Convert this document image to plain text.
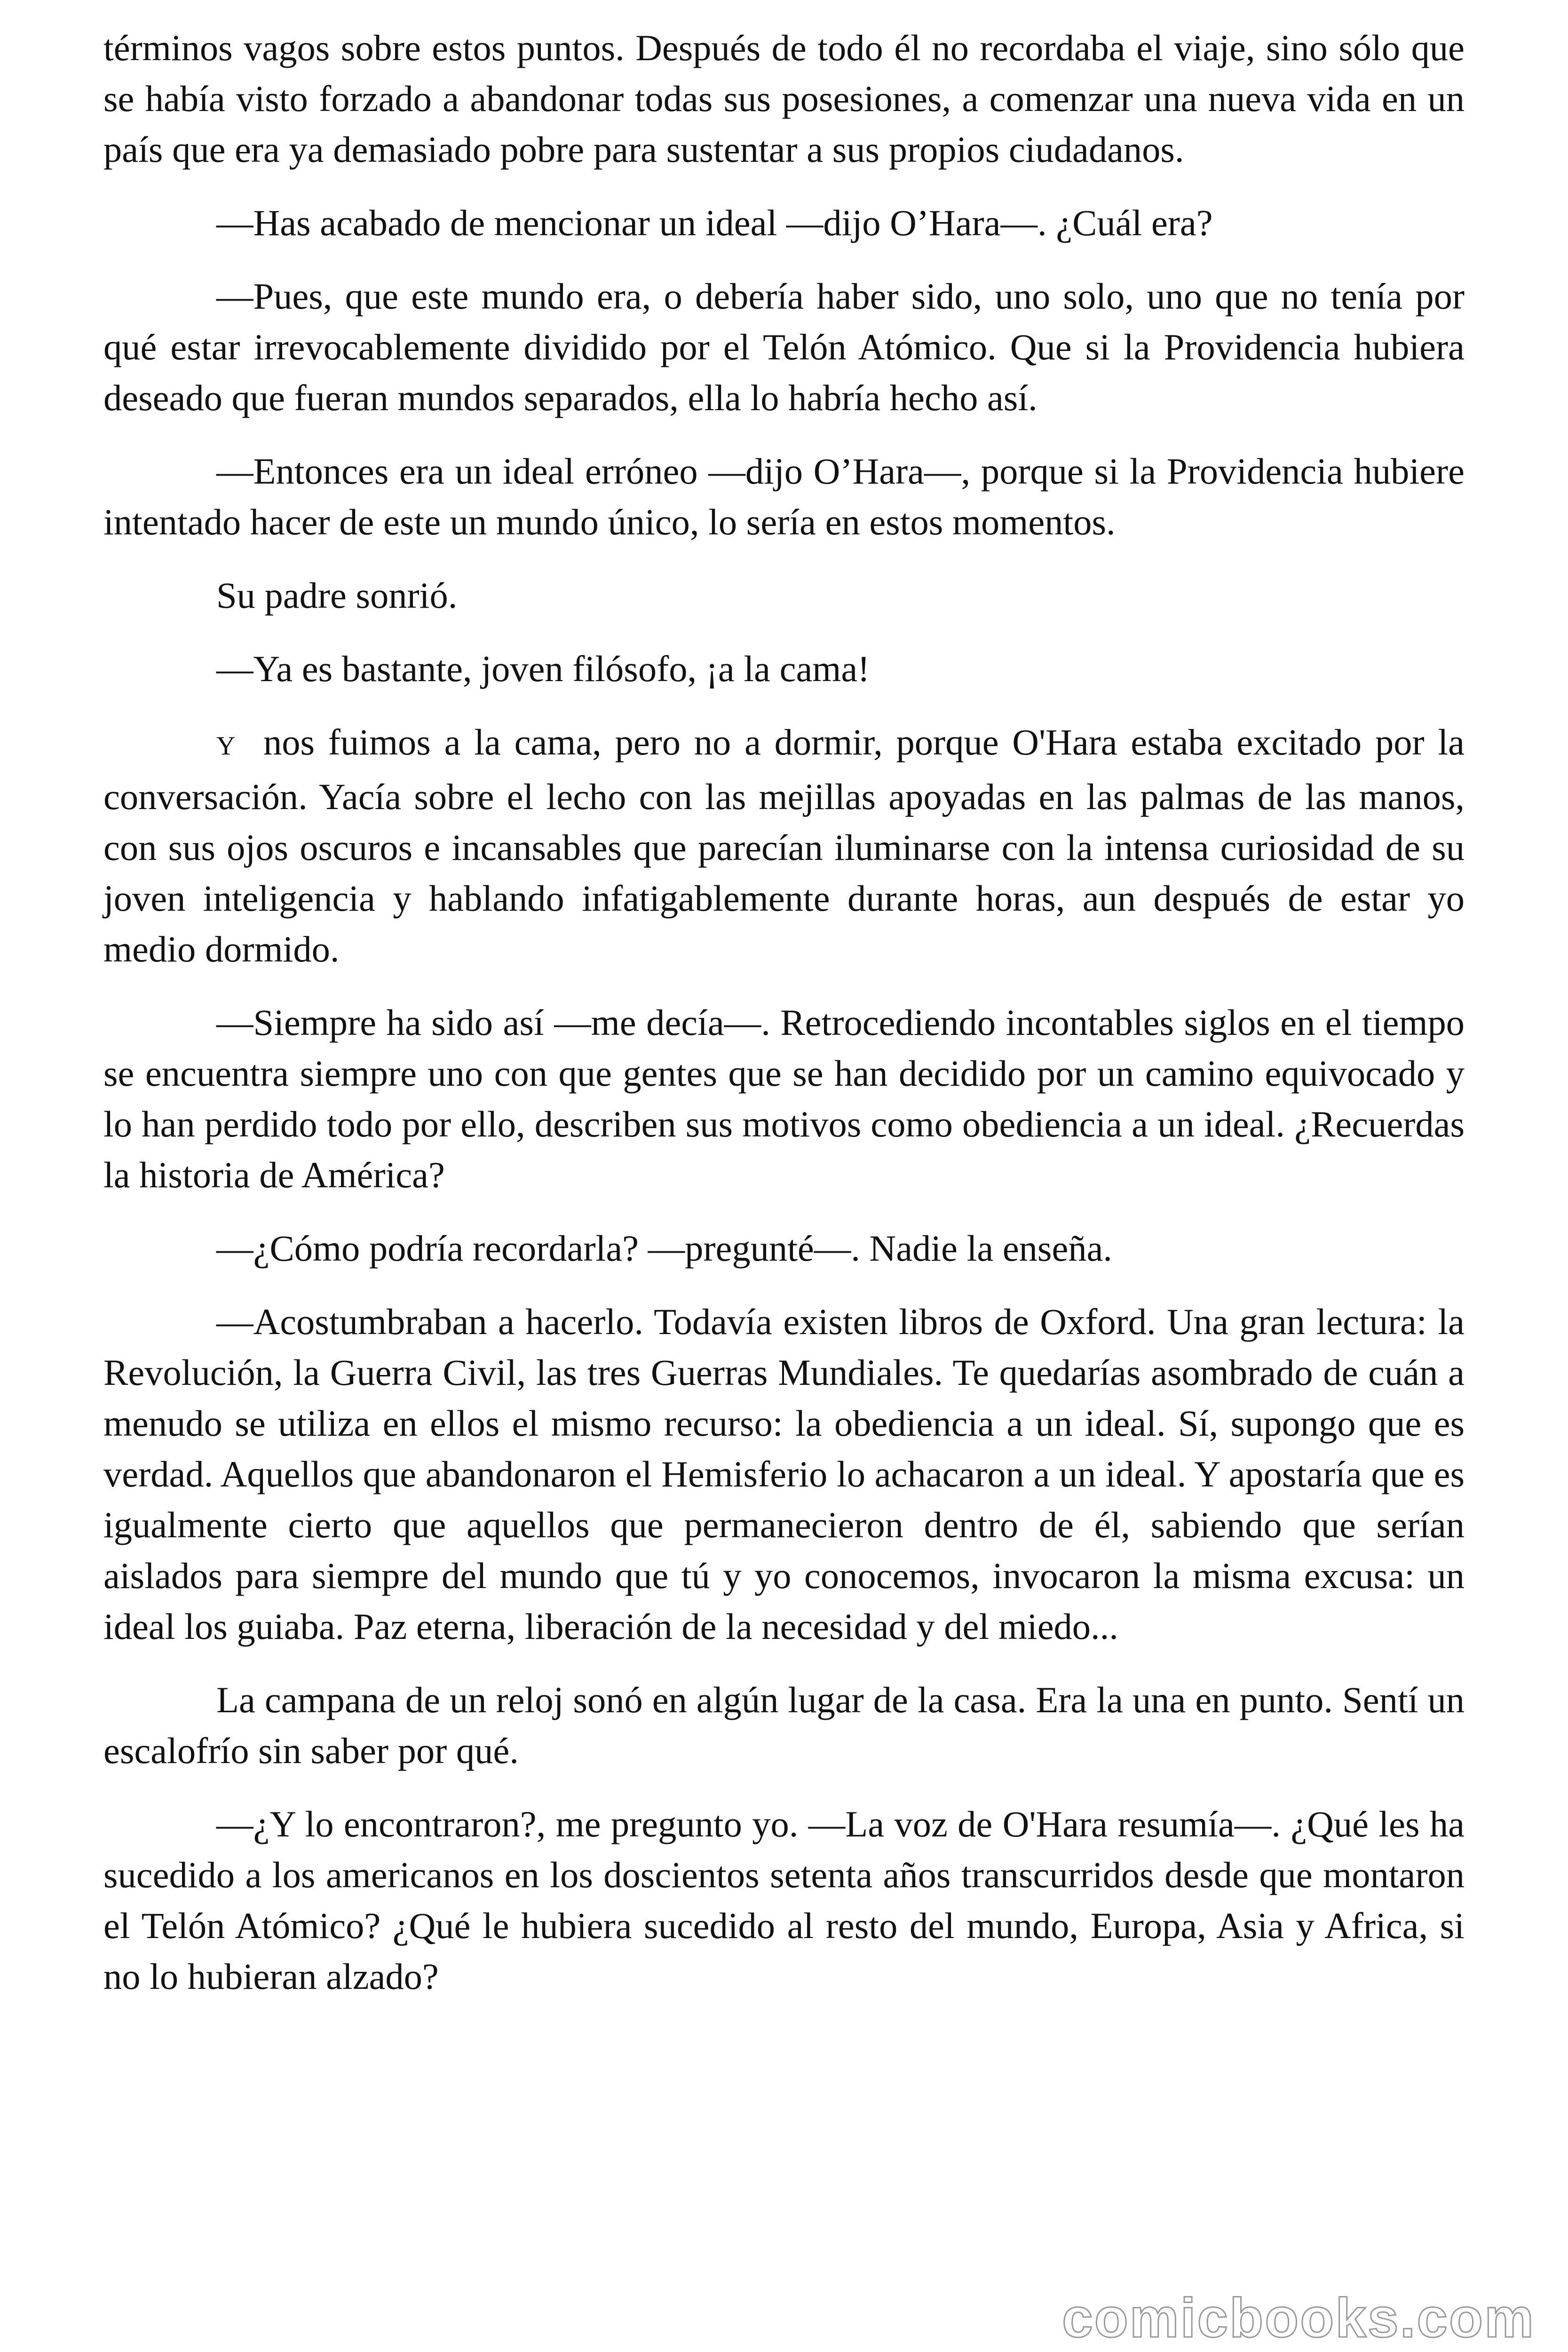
términos vagos sobre estos puntos. Después de todo él no recordaba el viaje, sino sólo que se había visto forzado a abandonar todas sus posesiones, a comenzar una nueva vida en un país que era ya demasiado pobre para sustentar a sus propios ciudadanos.

—Has acabado de mencionar un ideal —dijo O’Hara—. ¿Cuál era?

—Pues, que este mundo era, o debería haber sido, uno solo, uno que no tenía por qué estar irrevocablemente dividido por el Telón Atómico. Que si la Providencia hubiera deseado que fueran mundos separados, ella lo habría hecho así.

—Entonces era un ideal erróneo —dijo O’Hara—, porque si la Providencia hubiere intentado hacer de este un mundo único, lo sería en estos momentos.

Su padre sonrió.

—Ya es bastante, joven filósofo, ¡a la cama!

Y nos fuimos a la cama, pero no a dormir, porque O'Hara estaba excitado por la conversación. Yacía sobre el lecho con las mejillas apoyadas en las palmas de las manos, con sus ojos oscuros e incansables que parecían iluminarse con la intensa curiosidad de su joven inteligencia y hablando infatigablemente durante horas, aun después de estar yo medio dormido.

—Siempre ha sido así —me decía—. Retrocediendo incontables siglos en el tiempo se encuentra siempre uno con que gentes que se han decidido por un camino equivocado y lo han perdido todo por ello, describen sus motivos como obediencia a un ideal. ¿Recuerdas la historia de América?

—¿Cómo podría recordarla? —pregunté—. Nadie la enseña.

—Acostumbraban a hacerlo. Todavía existen libros de Oxford. Una gran lectura: la Revolución, la Guerra Civil, las tres Guerras Mundiales. Te quedarías asombrado de cuán a menudo se utiliza en ellos el mismo recurso: la obediencia a un ideal. Sí, supongo que es verdad. Aquellos que abandonaron el Hemisferio lo achacaron a un ideal. Y apostaría que es igualmente cierto que aquellos que permanecieron dentro de él, sabiendo que serían aislados para siempre del mundo que tú y yo conocemos, invocaron la misma excusa: un ideal los guiaba. Paz eterna, liberación de la necesidad y del miedo...

La campana de un reloj sonó en algún lugar de la casa. Era la una en punto. Sentí un escalofrío sin saber por qué.

—¿Y lo encontraron?, me pregunto yo. —La voz de O'Hara resumía—. ¿Qué les ha sucedido a los americanos en los doscientos setenta años transcurridos desde que montaron el Telón Atómico? ¿Qué le hubiera sucedido al resto del mundo, Europa, Asia y Africa, si no lo hubieran alzado?

comicbooks.com
